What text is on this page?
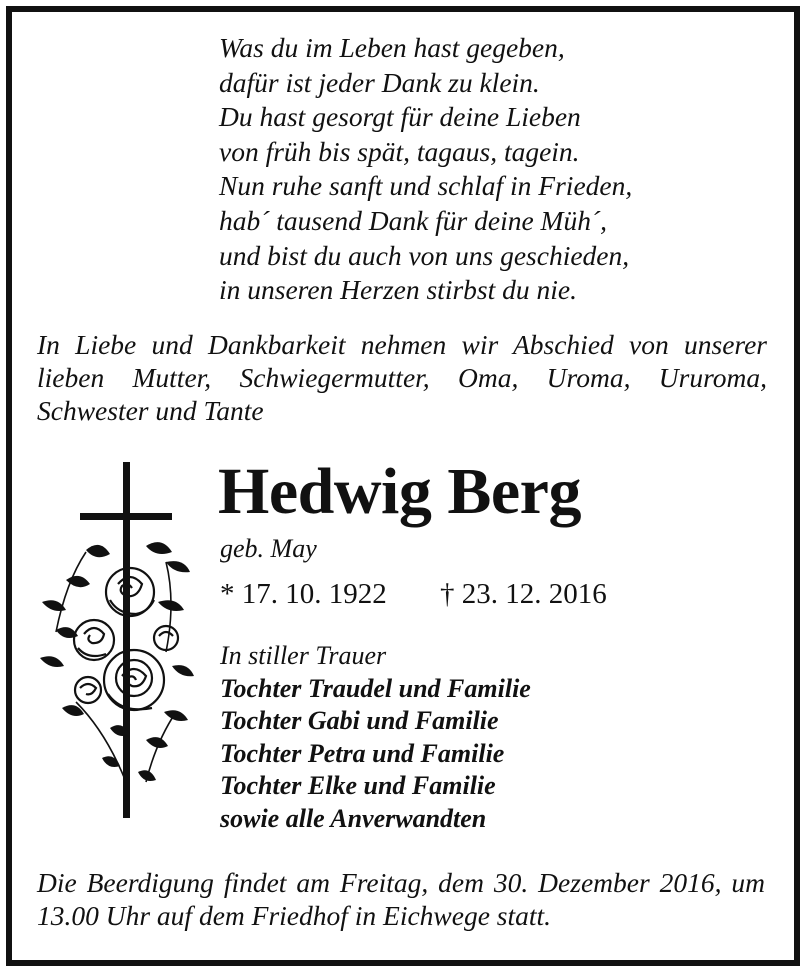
Was du im Leben hast gegeben,
dafür ist jeder Dank zu klein.
Du hast gesorgt für deine Lieben
von früh bis spät, tagaus, tagein.
Nun ruhe sanft und schlaf in Frieden,
hab´ tausend Dank für deine Müh´,
und bist du auch von uns geschieden,
in unseren Herzen stirbst du nie.
In Liebe und Dankbarkeit nehmen wir Abschied von unserer
lieben Mutter, Schwiegermutter, Oma, Uroma, Ururoma,
Schwester und Tante
Hedwig Berg
geb. May
* 17. 10. 1922 † 23. 12. 2016
In stiller Trauer
Tochter Traudel und Familie
Tochter Gabi und Familie
Tochter Petra und Familie
Tochter Elke und Familie
sowie alle Anverwandten
Die Beerdigung findet am Freitag, dem 30. Dezember 2016, um
13.00 Uhr auf dem Friedhof in Eichwege statt.
